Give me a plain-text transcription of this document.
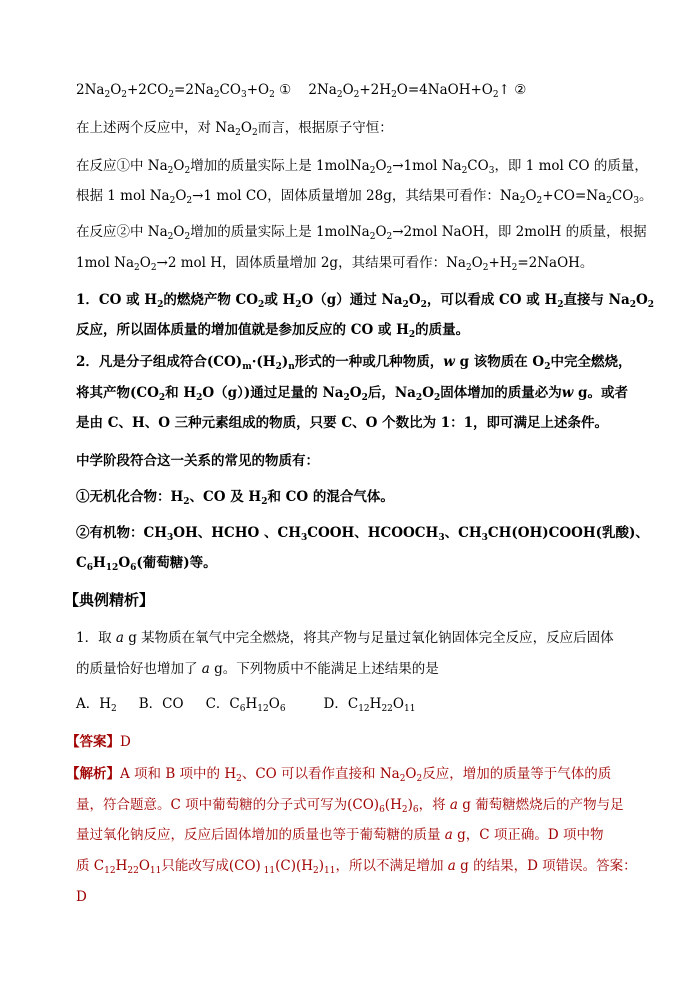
$2Na_2O_2+2CO_2=2Na_2CO_3+O_2$ ①    $2Na_2O_2+2H_2O=4NaOH+O_2↑$ ②
在上述两个反应中，对 $Na_2O_2$而言，根据原子守恒：
在反应①中 $Na_2O_2$增加的质量实际上是 $1molNa_2O_2\to 1mol$ $Na_2CO_3$，即 1 mol CO 的质量，
根据 1 mol $Na_2O_2\to 1$ mol CO，固体质量增加 28g，其结果可看作：$Na_2O_2+CO=Na_2CO_3$。
在反应②中 $Na_2O_2$增加的质量实际上是 $1molNa_2O_2\to 2mol$ NaOH，即 2molH 的质量，根据
1mol $Na_2O_2\to 2$ mol H，固体质量增加 2g，其结果可看作：$Na_2O_2+H_2=2NaOH$。
1．CO 或 $H_2$的燃烧产物 $CO_2$或 $H_2O(g)$通过 $Na_2O_2$，可以看成 CO 或 $H_2$直接与 $Na_2O_2$
反应，所以固体质量的增加值就是参加反应的 CO 或 $H_2$的质量。
2．凡是分子组成符合$(CO)_m\cdot(H_2)_n$形式的一种或几种物质，w g 该物质在 $O_2$中完全燃烧，
将其产物($CO_2$和 $H_2O(g)$)通过足量的 $Na_2O_2$后，$Na_2O_2$固体增加的质量必为w g。或者
是由 C、H、O 三种元素组成的物质，只要 C、O 个数比为 1：1，即可满足上述条件。
中学阶段符合这一关系的常见的物质有：
①无机化合物：$H_2$、CO 及 $H_2$和 CO 的混合气体。
②有机物：$CH_3OH$、HCHO 、$CH_3COOH$、$HCOOCH_3$、$CH_3CH(OH)COOH$(乳酸)、
$C_6H_{12}O_6$(葡萄糖)等。
【典例精析】
1．取 a g 某物质在氧气中完全燃烧，将其产物与足量过氧化钠固体完全反应，反应后固体
的质量恰好也增加了 a g。下列物质中不能满足上述结果的是
A．$H_2$ B．CO C．$C_6H_{12}O_6$	D．$C_{12}H_{22}O_{11}$
【答案】D
【解析】A 项和 B 项中的 $H_2$、CO 可以看作直接和 $Na_2O_2$反应，增加的质量等于气体的质
量，符合题意。C 项中葡萄糖的分子式可写为$(CO)_6(H_2)_6$，将 a g 葡萄糖燃烧后的产物与足
量过氧化钠反应，反应后固体增加的质量也等于葡萄糖的质量 a g，C 项正确。D 项中物
质 $C_{12}H_{22}O_{11}$只能改写成(CO) $_{11}(C)(H_2)_{11}$，所以不满足增加 a g 的结果，D 项错误。答案：
D
